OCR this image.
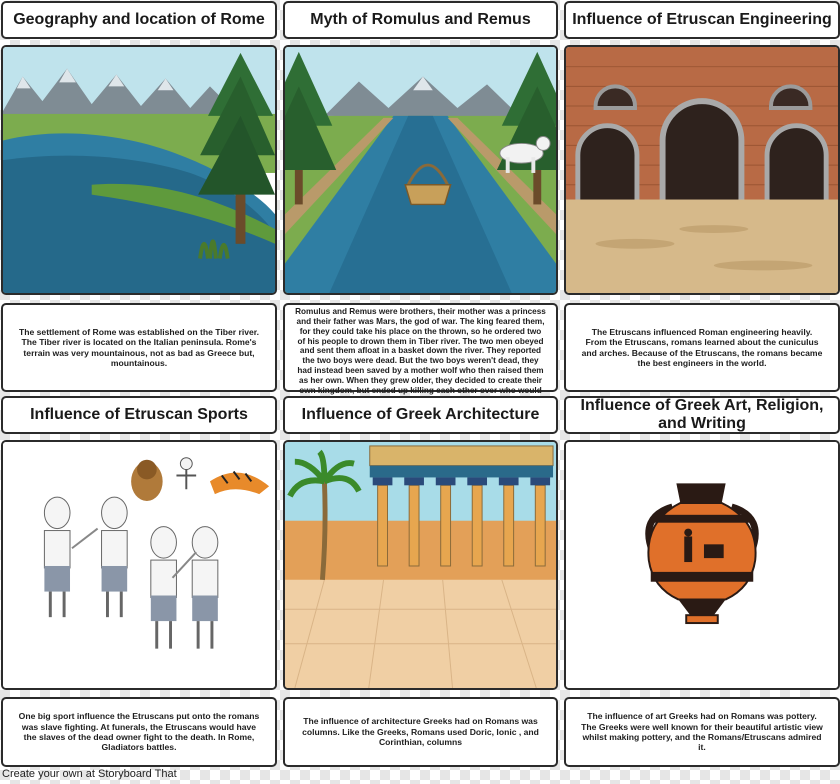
Geography and location of Rome	Myth of Romulus and Remus	Influence of Etruscan Engineering
The settlement of Rome was established on the Tiber river. The Tiber river is located on the Italian peninsula. Rome's terrain was very mountainous, not as bad as Greece but, mountainous.
Romulus and Remus were brothers, their mother was a princess and their father was Mars, the god of war. The king feared them, for they could take his place on the thrown, so he ordered two of his people to drown them in Tiber river. The two men obeyed and sent them afloat in a basket down the river. They reported the two boys were dead. But the two boys weren't dead, they had instead been saved by a mother wolf who then raised them as her own. When they grew older, they decided to create their own kingdom, but ended up killing each other over who would
The Etruscans influenced Roman engineering heavily. From the Etruscans, romans learned about the cuniculus and arches. Because of the Etruscans, the romans became the best engineers in the world.
Influence of Etruscan Sports	Influence of Greek Architecture
Influence of Greek Art, Religion, and Writing
One big sport influence the Etruscans put onto the romans was slave fighting. At funerals, the Etruscans would have the slaves of the dead owner fight to the death. In Rome, Gladiators battles.
The influence of architecture Greeks had on Romans was columns. Like the Greeks, Romans used Doric, Ionic , and Corinthian, columns
The influence of art Greeks had on Romans was pottery. The Greeks were well known for their beautiful artistic view whilst making pottery, and the Romans/Etruscans admired it.
Create your own at Storyboard That
